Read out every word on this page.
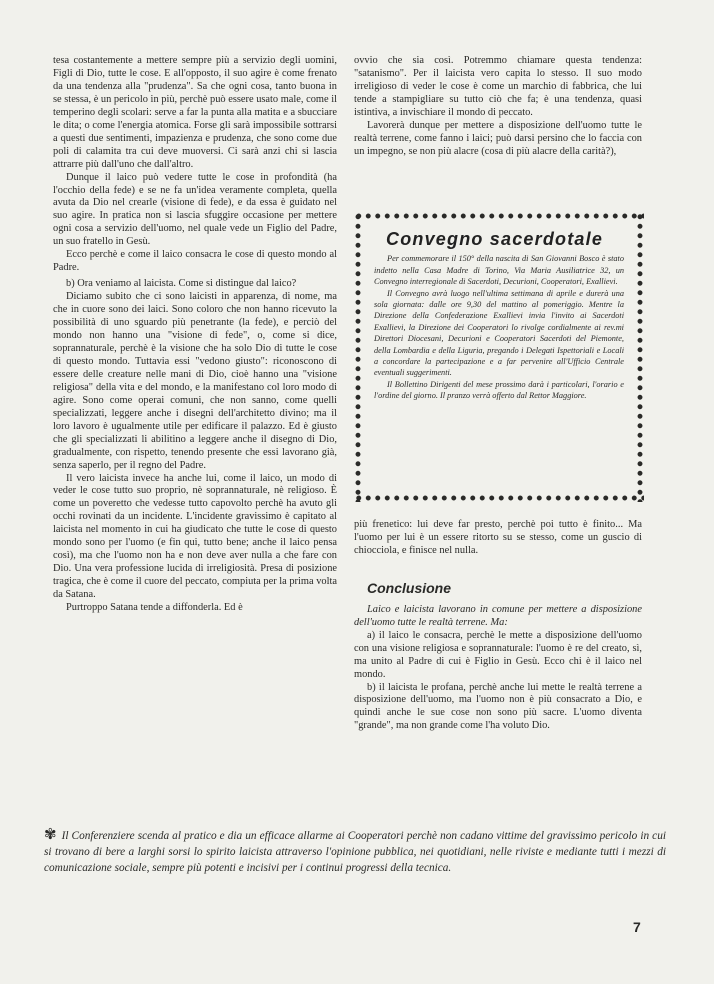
tesa costantemente a mettere sempre più a servizio degli uomini, Figli di Dio, tutte le cose. E all'opposto, il suo agire è come frenato da una tendenza alla "prudenza". Sa che ogni cosa, tanto buona in se stessa, è un pericolo in più, perchè può essere usato male, come il temperino degli scolari: serve a far la punta alla matita e a sbucciare le dita; o come l'energia atomica. Forse gli sarà impossibile sottrarsi a questi due sentimenti, impazienza e prudenza, che sono come due poli di calamita tra cui deve muoversi. Ci sarà anzi chi si lascia attrarre più dall'uno che dall'altro.

Dunque il laico può vedere tutte le cose in profondità (ha l'occhio della fede) e se ne fa un'idea veramente completa, quella avuta da Dio nel crearle (visione di fede), e da essa è guidato nel suo agire. In pratica non si lascia sfuggire occasione per mettere ogni cosa a servizio dell'uomo, nel quale vede un Figlio del Padre, un suo fratello in Gesù.

Ecco perchè e come il laico consacra le cose di questo mondo al Padre.

b) Ora veniamo al laicista. Come si distingue dal laico?

Diciamo subito che ci sono laicisti in apparenza, di nome, ma che in cuore sono dei laici. Sono coloro che non hanno ricevuto la possibilità di uno sguardo più penetrante (la fede), e perciò del mondo non hanno una "visione di fede", o, come si dice, soprannaturale, perchè è la visione che ha solo Dio di tutte le cose di questo mondo. Tuttavia essi "vedono giusto": riconoscono di essere delle creature nelle mani di Dio, cioè hanno una "visione religiosa" della vita e del mondo, e la manifestano col loro modo di agire. Sono come operai comuni, che non sanno, come quelli specializzati, leggere anche i disegni dell'architetto divino; ma il loro lavoro è ugualmente utile per edificare il palazzo. Ed è giusto che gli specializzati li abilitino a leggere anche il disegno di Dio, gradualmente, con rispetto, tenendo presente che essi lavorano già, senza saperlo, per il regno del Padre.

Il vero laicista invece ha anche lui, come il laico, un modo di veder le cose tutto suo proprio, nè soprannaturale, nè religioso. È come un poveretto che vedesse tutto capovolto perchè ha avuto gli occhi rovinati da un incidente. L'incidente gravissimo è capitato al laicista nel momento in cui ha giudicato che tutte le cose di questo mondo sono per l'uomo (e fin qui, tutto bene; anche il laico pensa così), ma che l'uomo non ha e non deve aver nulla a che fare con Dio. Una vera professione lucida di irreligiosità. Presa di posizione tragica, che è come il cuore del peccato, compiuta per la prima volta da Satana.

Purtroppo Satana tende a diffonderla. Ed è

ovvio che sia così. Potremmo chiamare questa tendenza: "satanismo". Per il laicista vero capita lo stesso. Il suo modo irreligioso di veder le cose è come un marchio di fabbrica, che lui tende a stampigliare su tutto ciò che fa; è una tendenza, quasi istintiva, a invischiare il mondo di peccato.

Lavorerà dunque per mettere a disposizione dell'uomo tutte le realtà terrene, come fanno i laici; può darsi persino che lo faccia con un impegno, se non più alacre (cosa di più alacre della carità?),

Convegno sacerdotale

Per commemorare il 150° della nascita di San Giovanni Bosco è stato indetto nella Casa Madre di Torino, Via Maria Ausiliatrice 32, un Convegno interregionale di Sacerdoti, Decurioni, Cooperatori, Exallievi.

Il Convegno avrà luogo nell'ultima settimana di aprile e durerà una sola giornata: dalle ore 9,30 del mattino al pomeriggio. Mentre la Direzione della Confederazione Exallievi invia l'invito ai Sacerdoti Exallievi, la Direzione dei Cooperatori lo rivolge cordialmente ai rev.mi Direttori Diocesani, Decurioni e Cooperatori Sacerdoti del Piemonte, della Lombardia e della Liguria, pregando i Delegati Ispettoriali e Locali a concordare la partecipazione e a far pervenire all'Ufficio Centrale eventuali suggerimenti.

Il Bollettino Dirigenti del mese prossimo darà i particolari, l'orario e l'ordine del giorno. Il pranzo verrà offerto dal Rettor Maggiore.

più frenetico: lui deve far presto, perchè poi tutto è finito... Ma l'uomo per lui è un essere ritorto su se stesso, come un guscio di chiocciola, e finisce nel nulla.

Conclusione

Laico e laicista lavorano in comune per mettere a disposizione dell'uomo tutte le realtà terrene. Ma:

a) il laico le consacra, perchè le mette a disposizione dell'uomo con una visione religiosa e soprannaturale: l'uomo è re del creato, sì, ma unito al Padre di cui è Figlio in Gesù. Ecco chi è il laico nel mondo.

b) il laicista le profana, perchè anche lui mette le realtà terrene a disposizione dell'uomo, ma l'uomo non è più consacrato a Dio, e quindi anche le sue cose non sono più sacre. L'uomo diventa "grande", ma non grande come l'ha voluto Dio.

✾ Il Conferenziere scenda al pratico e dia un efficace allarme ai Cooperatori perchè non cadano vittime del gravissimo pericolo in cui si trovano di bere a larghi sorsi lo spirito laicista attraverso l'opinione pubblica, nei quotidiani, nelle riviste e mediante tutti i mezzi di comunicazione sociale, sempre più potenti e incisivi per i continui progressi della tecnica.
7
